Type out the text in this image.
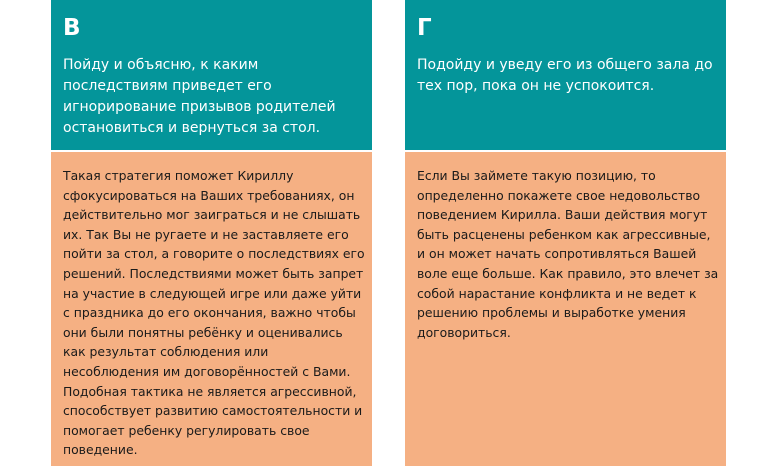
В
Пойду и объясню, к каким последствиям приведет его игнорирование призывов родителей остановиться и вернуться за стол.
Такая стратегия поможет Кириллу сфокусироваться на Ваших требованиях, он действительно мог заиграться и не слышать их. Так Вы не ругаете и не заставляете его пойти за стол, а говорите о последствиях его решений. Последствиями может быть запрет на участие в следующей игре или даже уйти с праздника до его окончания, важно чтобы они были понятны ребёнку и оценивались как результат соблюдения или несоблюдения им договорённостей с Вами. Подобная тактика не является агрессивной, способствует развитию самостоятельности и помогает ребенку регулировать свое поведение.
Г
Подойду и уведу его из общего зала до тех пор, пока он не успокоится.
Если Вы займете такую позицию, то определенно покажете свое недовольство поведением Кирилла. Ваши действия могут быть расценены ребенком как агрессивные, и он может начать сопротивляться Вашей воле еще больше. Как правило, это влечет за собой нарастание конфликта и не ведет к решению проблемы и выработке умения договориться.
